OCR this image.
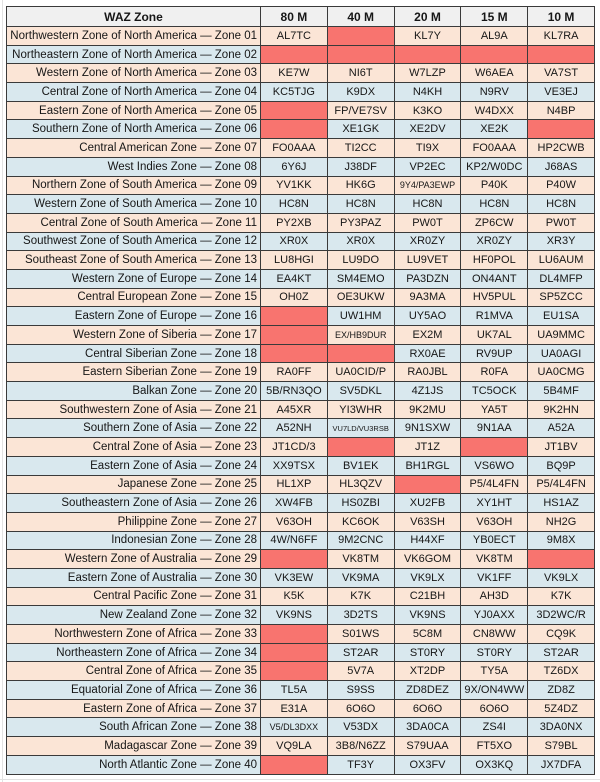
WAZ Zone	80 M	40 M	20 M	15 M	10 M
Northwestern Zone of North America — Zone 01	AL7TC		KL7Y	AL9A	KL7RA
Northeastern Zone of North America — Zone 02					
Western Zone of North America — Zone 03	KE7W	NI6T	W7LZP	W6AEA	VA7ST
Central Zone of North America — Zone 04	KC5TJG	K9DX	N4KH	N9RV	VE3EJ
Eastern Zone of North America — Zone 05		FP/VE7SV	K3KO	W4DXX	N4BP
Southern Zone of North America — Zone 06		XE1GK	XE2DV	XE2K	
Central American Zone — Zone 07	FO0AAA	TI2CC	TI9X	FO0AAA	HP2CWB
West Indies Zone — Zone 08	6Y6J	J38DF	VP2EC	KP2/W0DC	J68AS
Northern Zone of South America — Zone 09	YV1KK	HK6G	9Y4/PA3EWP	P40K	P40W
Western Zone of South America — Zone 10	HC8N	HC8N	HC8N	HC8N	HC8N
Central Zone of South America — Zone 11	PY2XB	PY3PAZ	PW0T	ZP6CW	PW0T
Southwest Zone of South America — Zone 12	XR0X	XR0X	XR0ZY	XR0ZY	XR3Y
Southeast Zone of South America — Zone 13	LU8HGI	LU9DO	LU9VET	HF0POL	LU6AUM
Western Zone of Europe — Zone 14	EA4KT	SM4EMO	PA3DZN	ON4ANT	DL4MFP
Central European Zone — Zone 15	OH0Z	OE3UKW	9A3MA	HV5PUL	SP5ZCC
Eastern Zone of Europe — Zone 16		UW1HM	UY5AO	R1MVA	EU1SA
Western Zone of Siberia — Zone 17		EX/HB9DUR	EX2M	UK7AL	UA9MMC
Central Siberian Zone — Zone 18			RX0AE	RV9UP	UA0AGI
Eastern Siberian Zone — Zone 19	RA0FF	UA0CID/P	RA0JBL	R0FA	UA0CMG
Balkan Zone — Zone 20	5B/RN3QO	SV5DKL	4Z1JS	TC5OCK	5B4MF
Southwestern Zone of Asia — Zone 21	A45XR	YI3WHR	9K2MU	YA5T	9K2HN
Southern Zone of Asia — Zone 22	A52NH	VU7LD/VU3RSB	9N1SXW	9N1AA	A52A
Central Zone of Asia — Zone 23	JT1CD/3		JT1Z		JT1BV
Eastern Zone of Asia — Zone 24	XX9TSX	BV1EK	BH1RGL	VS6WO	BQ9P
Japanese Zone — Zone 25	HL1XP	HL3QZV		P5/4L4FN	P5/4L4FN
Southeastern Zone of Asia — Zone 26	XW4FB	HS0ZBI	XU2FB	XY1HT	HS1AZ
Philippine Zone — Zone 27	V63OH	KC6OK	V63SH	V63OH	NH2G
Indonesian Zone — Zone 28	4W/N6FF	9M2CNC	H44XF	YB0ECT	9M8X
Western Zone of Australia — Zone 29		VK8TM	VK6GOM	VK8TM	
Eastern Zone of Australia — Zone 30	VK3EW	VK9MA	VK9LX	VK1FF	VK9LX
Central Pacific Zone — Zone 31	K5K	K7K	C21BH	AH3D	K7K
New Zealand Zone — Zone 32	VK9NS	3D2TS	VK9NS	YJ0AXX	3D2WC/R
Northwestern Zone of Africa — Zone 33		S01WS	5C8M	CN8WW	CQ9K
Northeastern Zone of Africa — Zone 34		ST2AR	ST0RY	ST0RY	ST2AR
Central Zone of Africa — Zone 35		5V7A	XT2DP	TY5A	TZ6DX
Equatorial Zone of Africa — Zone 36	TL5A	S9SS	ZD8DEZ	9X/ON4WW	ZD8Z
Eastern Zone of Africa — Zone 37	E31A	6O6O	6O6O	6O6O	5Z4DZ
South African Zone — Zone 38	V5/DL3DXX	V53DX	3DA0CA	ZS4I	3DA0NX
Madagascar Zone — Zone 39	VQ9LA	3B8/N6ZZ	S79UAA	FT5XO	S79BL
North Atlantic Zone — Zone 40		TF3Y	OX3FV	OX3KQ	JX7DFA
